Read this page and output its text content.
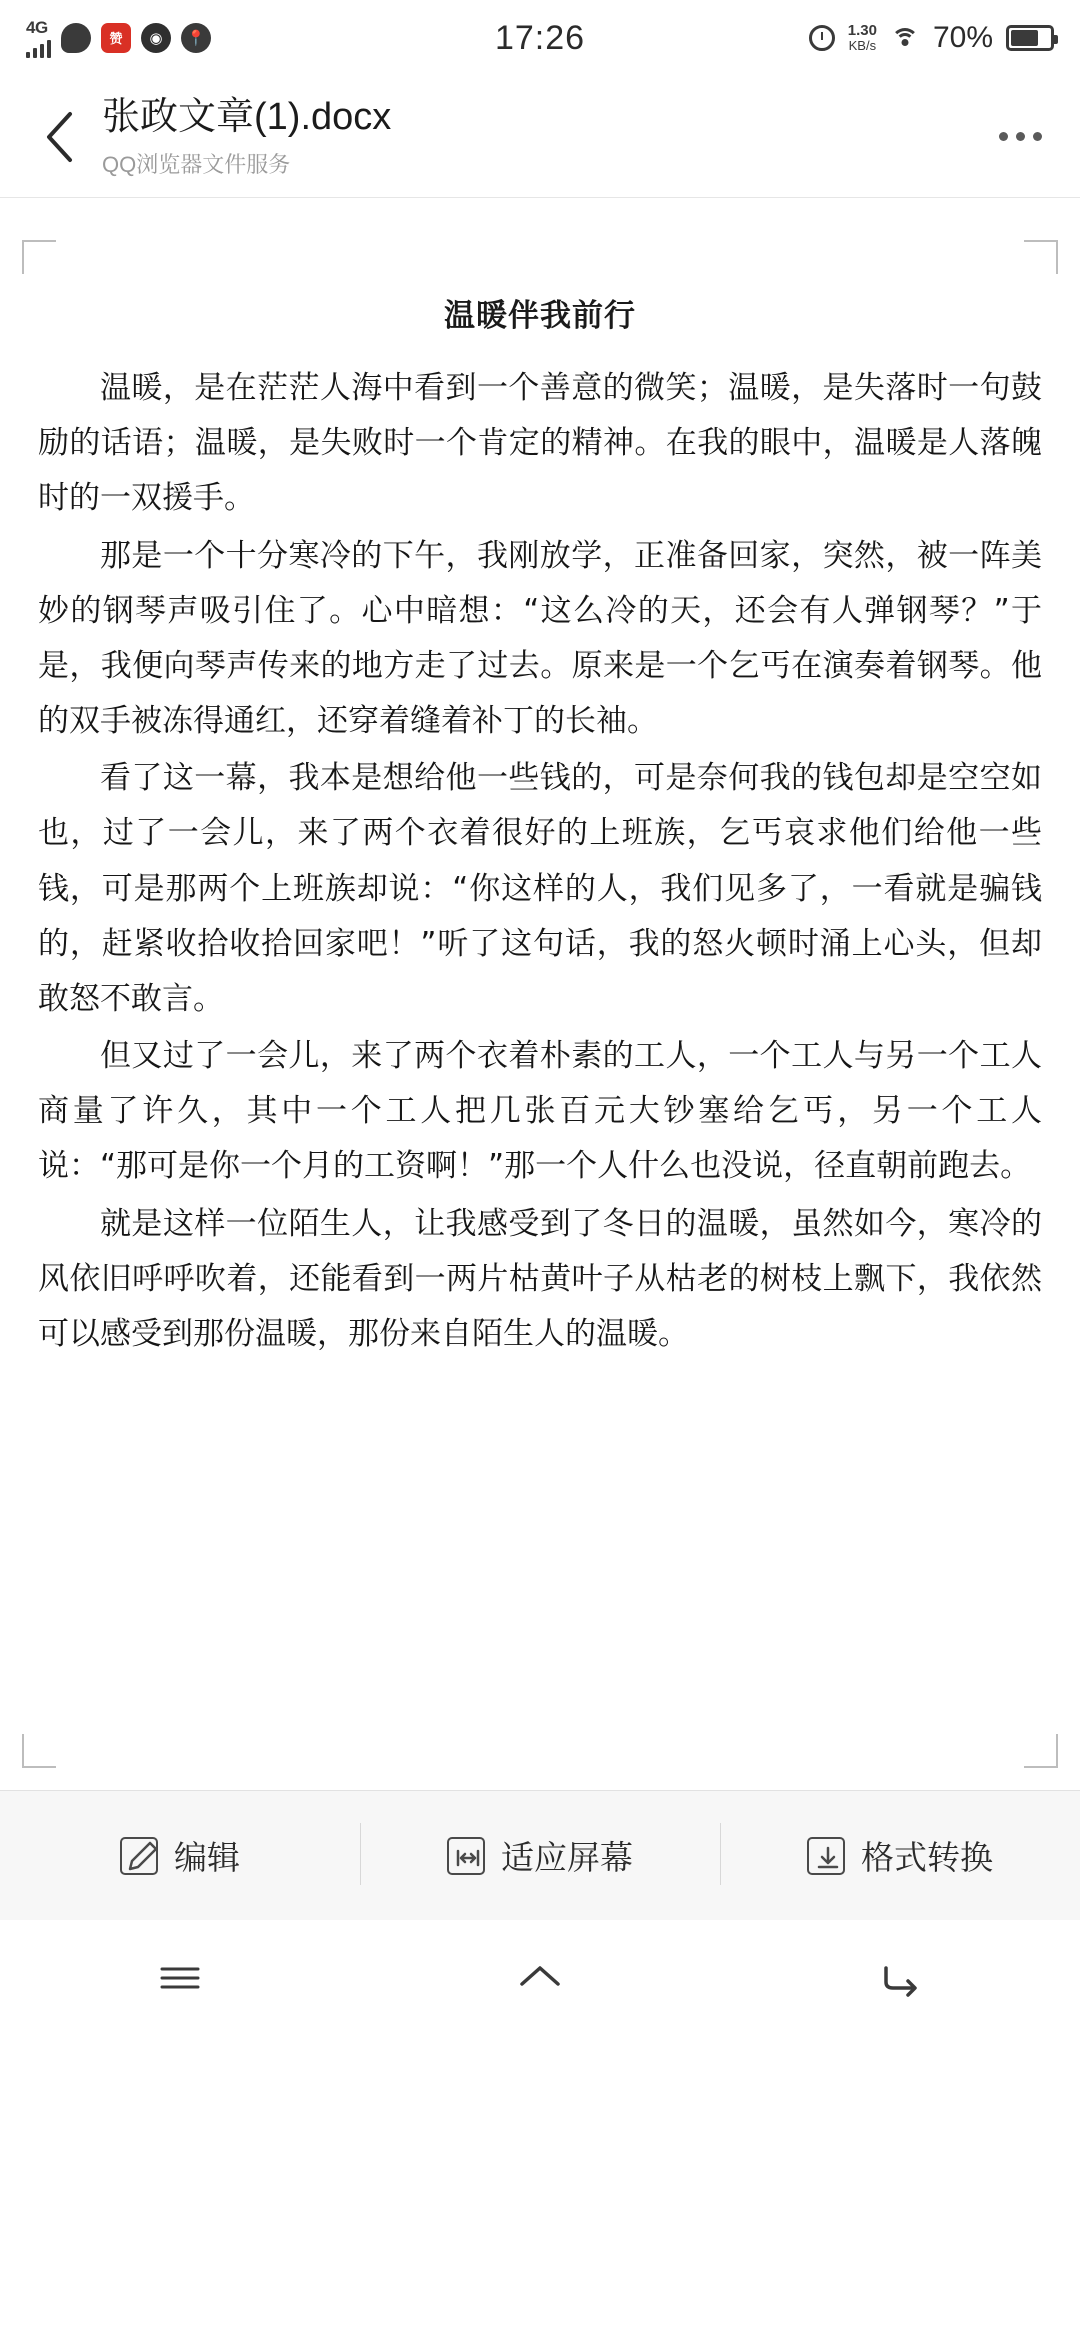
4G
赞	◉	📍	17:26	1.30
KB/s 70%
张政文章(1).docx
QQ浏览器文件服务
温暖伴我前行

温暖，是在茫茫人海中看到一个善意的微笑；温暖，是失落时一句鼓励的话语；温暖，是失败时一个肯定的精神。在我的眼中，温暖是人落魄时的一双援手。

那是一个十分寒冷的下午，我刚放学，正准备回家，突然，被一阵美妙的钢琴声吸引住了。心中暗想：“这么冷的天，还会有人弹钢琴？”于是，我便向琴声传来的地方走了过去。原来是一个乞丐在演奏着钢琴。他的双手被冻得通红，还穿着缝着补丁的长袖。

看了这一幕，我本是想给他一些钱的，可是奈何我的钱包却是空空如也，过了一会儿，来了两个衣着很好的上班族，乞丐哀求他们给他一些钱，可是那两个上班族却说：“你这样的人，我们见多了，一看就是骗钱的，赶紧收拾收拾回家吧！”听了这句话，我的怒火顿时涌上心头，但却敢怒不敢言。

但又过了一会儿，来了两个衣着朴素的工人，一个工人与另一个工人商量了许久，其中一个工人把几张百元大钞塞给乞丐，另一个工人说：“那可是你一个月的工资啊！”那一个人什么也没说，径直朝前跑去。

就是这样一位陌生人，让我感受到了冬日的温暖，虽然如今，寒冷的风依旧呼呼吹着，还能看到一两片枯黄叶子从枯老的树枝上飘下，我依然可以感受到那份温暖，那份来自陌生人的温暖。

编辑	适应屏幕	格式转换
